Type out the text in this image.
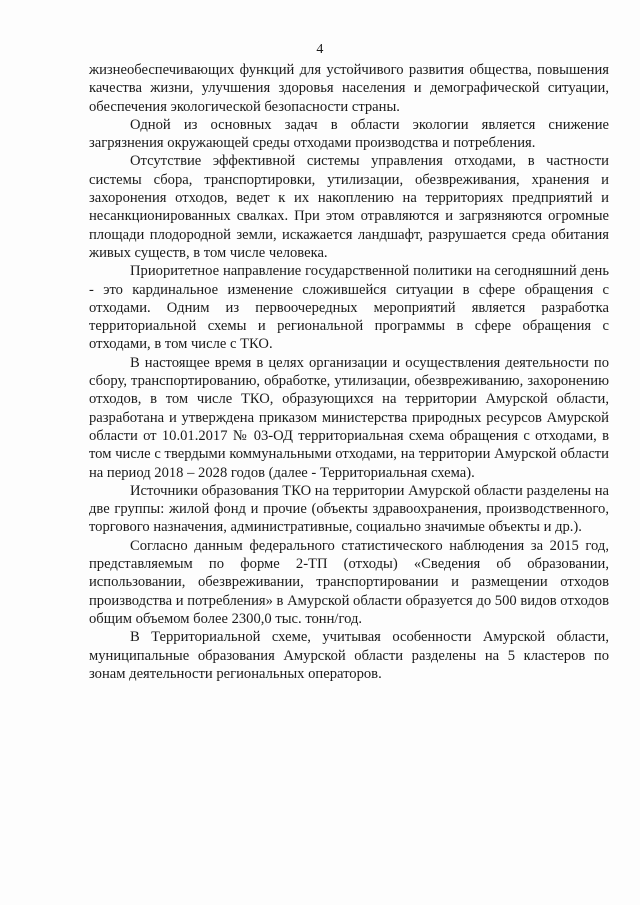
4

жизнеобеспечивающих функций для устойчивого развития общества, повышения качества жизни, улучшения здоровья населения и демографической ситуации, обеспечения экологической безопасности страны.

Одной из основных задач в области экологии является снижение загрязнения окружающей среды отходами производства и потребления.

Отсутствие эффективной системы управления отходами, в частности системы сбора, транспортировки, утилизации, обезвреживания, хранения и захоронения отходов, ведет к их накоплению на территориях предприятий и несанкционированных свалках. При этом отравляются и загрязняются огромные площади плодородной земли, искажается ландшафт, разрушается среда обитания живых существ, в том числе человека.

Приоритетное направление государственной политики на сегодняшний день - это кардинальное изменение сложившейся ситуации в сфере обращения с отходами. Одним из первоочередных мероприятий является разработка территориальной схемы и региональной программы в сфере обращения с отходами, в том числе с ТКО.

В настоящее время в целях организации и осуществления деятельности по сбору, транспортированию, обработке, утилизации, обезвреживанию, захоронению отходов, в том числе ТКО, образующихся на территории Амурской области, разработана и утверждена приказом министерства природных ресурсов Амурской области от 10.01.2017 № 03-ОД территориальная схема обращения с отходами, в том числе с твердыми коммунальными отходами, на территории Амурской области на период 2018 – 2028 годов (далее - Территориальная схема).

Источники образования ТКО на территории Амурской области разделены на две группы: жилой фонд и прочие (объекты здравоохранения, производственного, торгового назначения, административные, социально значимые объекты и др.).

Согласно данным федерального статистического наблюдения за 2015 год, представляемым по форме 2-ТП (отходы) «Сведения об образовании, использовании, обезвреживании, транспортировании и размещении отходов производства и потребления» в Амурской области образуется до 500 видов отходов общим объемом более 2300,0 тыс. тонн/год.

В Территориальной схеме, учитывая особенности Амурской области, муниципальные образования Амурской области разделены на 5 кластеров по зонам деятельности региональных операторов.
